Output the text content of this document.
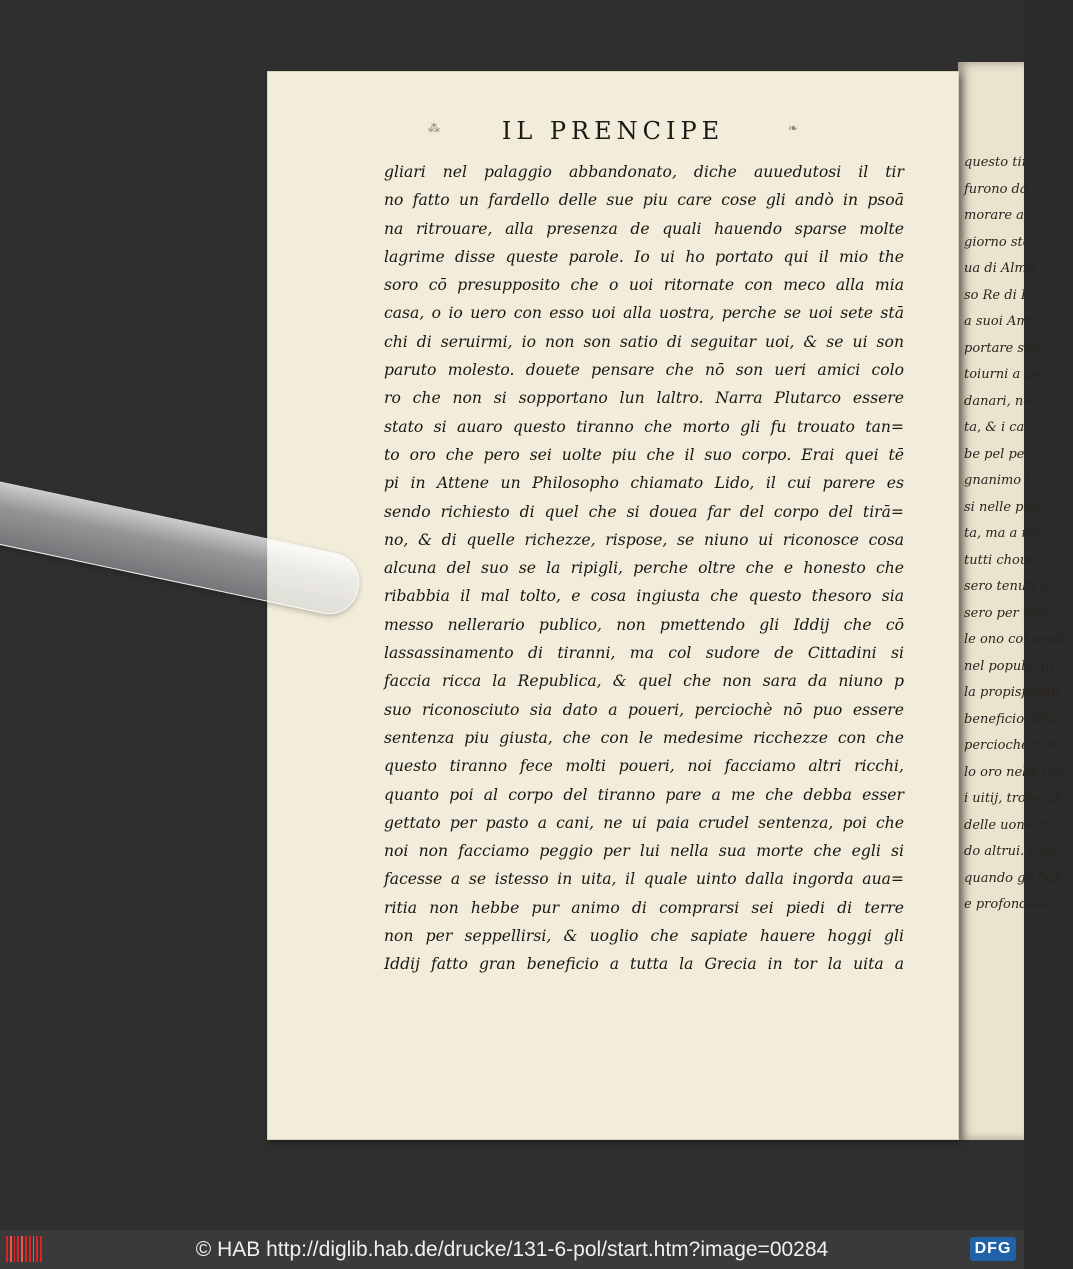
questo tir
furono da
morare a
giorno sto
ua di Almo
so Re di L
a suoi Amb
portare suo
toiurni a po
danari, ne
ta, & i ca
be pel pes
gnanimo I
si nelle peg
ta, ma a mo
tutti chous
sero tenuti a
sero per non
le ono col uend
nel populo, di
la propisfamip
beneficio della
perciochè non e
lo oro nelle cas
i uitij, tronendo
delle uonosita, il
do altrui. Dice
quando gli hab
e profondala s
⁂	IL PRENCIPE	❧
gliari nel palaggio abbandonato, diche auuedutosi il tir
no fatto un fardello delle sue piu care cose gli andò in psoā
na ritrouare, alla presenza de quali hauendo sparse molte
lagrime disse queste parole. Io ui ho portato qui il mio the
soro cō presupposito che o uoi ritornate con meco alla mia
casa, o io uero con esso uoi alla uostra, perche se uoi sete stā
chi di seruirmi, io non son satio di seguitar uoi, & se ui son
paruto molesto. douete pensare che nō son ueri amici colo
ro che non si sopportano lun laltro. Narra Plutarco essere
stato si auaro questo tiranno che morto gli fu trouato tan=
to oro che pero sei uolte piu che il suo corpo. Erai quei tē
pi in Attene un Philosopho chiamato Lido, il cui parere es
sendo richiesto di quel che si douea far del corpo del tirā=
no, & di quelle richezze, rispose, se niuno ui riconosce cosa
alcuna del suo se la ripigli, perche oltre che e honesto che
ribabbia il mal tolto, e cosa ingiusta che questo thesoro sia
messo nellerario publico, non pmettendo gli Iddij che cō
lassassinamento di tiranni, ma col sudore de Cittadini si
faccia ricca la Republica, & quel che non sara da niuno p
suo riconosciuto sia dato a poueri, perciochè nō puo essere
sentenza piu giusta, che con le medesime ricchezze con che
questo tiranno fece molti poueri, noi facciamo altri ricchi,
quanto poi al corpo del tiranno pare a me che debba esser
gettato per pasto a cani, ne ui paia crudel sentenza, poi che
noi non facciamo peggio per lui nella sua morte che egli si
facesse a se istesso in uita, il quale uinto dalla ingorda aua=
ritia non hebbe pur animo di comprarsi sei piedi di terre
non per seppellirsi, & uoglio che sapiate hauere hoggi gli
Iddij fatto gran beneficio a tutta la Grecia in tor la uita a
© HAB http://diglib.hab.de/drucke/131-6-pol/start.htm?image=00284	DFG
